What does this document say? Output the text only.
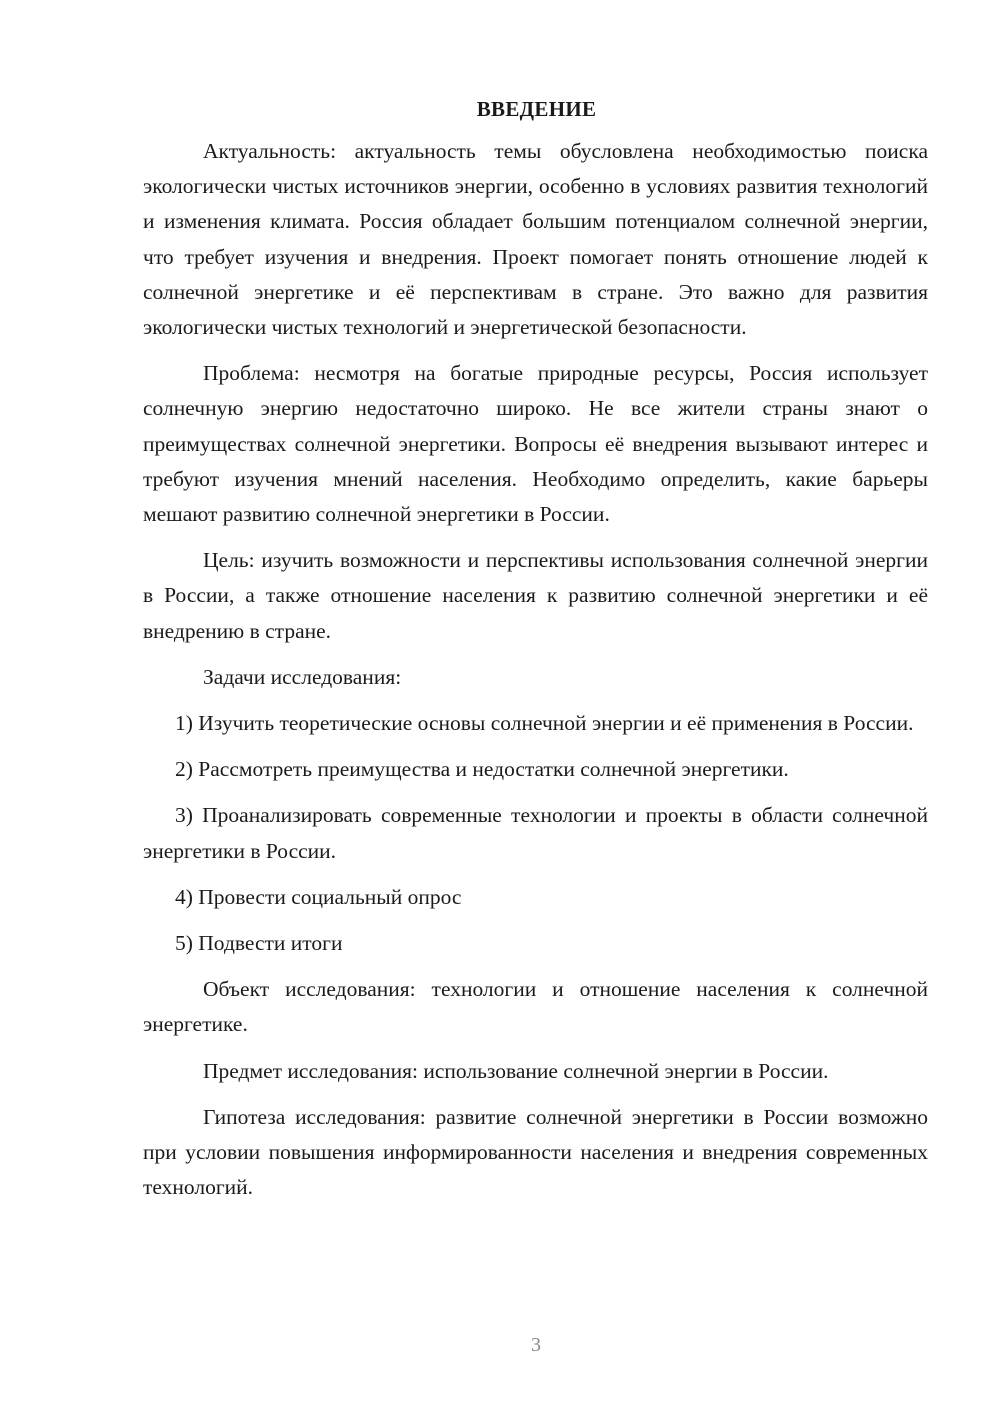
ВВЕДЕНИЕ

Актуальность: актуальность темы обусловлена необходимостью поиска экологически чистых источников энергии, особенно в условиях развития технологий и изменения климата. Россия обладает большим потенциалом солнечной энергии, что требует изучения и внедрения. Проект помогает понять отношение людей к солнечной энергетике и её перспективам в стране. Это важно для развития экологически чистых технологий и энергетической безопасности.

Проблема: несмотря на богатые природные ресурсы, Россия использует солнечную энергию недостаточно широко. Не все жители страны знают о преимуществах солнечной энергетики. Вопросы её внедрения вызывают интерес и требуют изучения мнений населения. Необходимо определить, какие барьеры мешают развитию солнечной энергетики в России.

Цель: изучить возможности и перспективы использования солнечной энергии в России, а также отношение населения к развитию солнечной энергетики и её внедрению в стране.

Задачи исследования:

1) Изучить теоретические основы солнечной энергии и её применения в России.

2) Рассмотреть преимущества и недостатки солнечной энергетики.

3) Проанализировать современные технологии и проекты в области солнечной энергетики в России.

4) Провести социальный опрос

5) Подвести итоги

Объект исследования: технологии и отношение населения к солнечной энергетике.

Предмет исследования: использование солнечной энергии в России.

Гипотеза исследования: развитие солнечной энергетики в России возможно при условии повышения информированности населения и внедрения современных технологий.

3
